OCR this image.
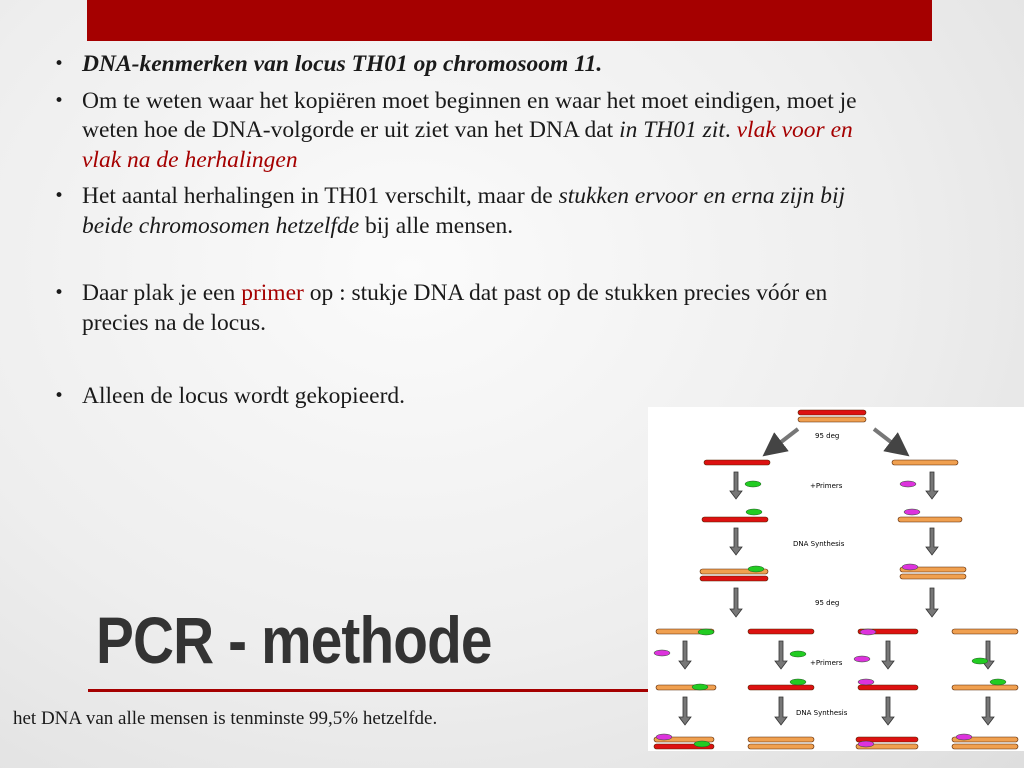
• DNA-kenmerken van locus TH01 op chromosoom 11.
• Om te weten waar het kopiëren moet beginnen en waar het moet eindigen, moet je weten hoe de DNA-volgorde er uit ziet van het DNA dat in TH01 zit. vlak voor en vlak na de herhalingen
• Het aantal herhalingen in TH01 verschilt, maar de stukken ervoor en erna zijn bij beide chromosomen hetzelfde bij alle mensen.
• Daar plak je een primer op : stukje DNA dat past op de stukken precies vóór en precies na de locus.
• Alleen de locus wordt gekopieerd.
PCR - methode
het DNA van alle mensen is tenminste 99,5% hetzelfde.
95 deg
+Primers
DNA Synthesis
95 deg
+Primers
DNA Synthesis
